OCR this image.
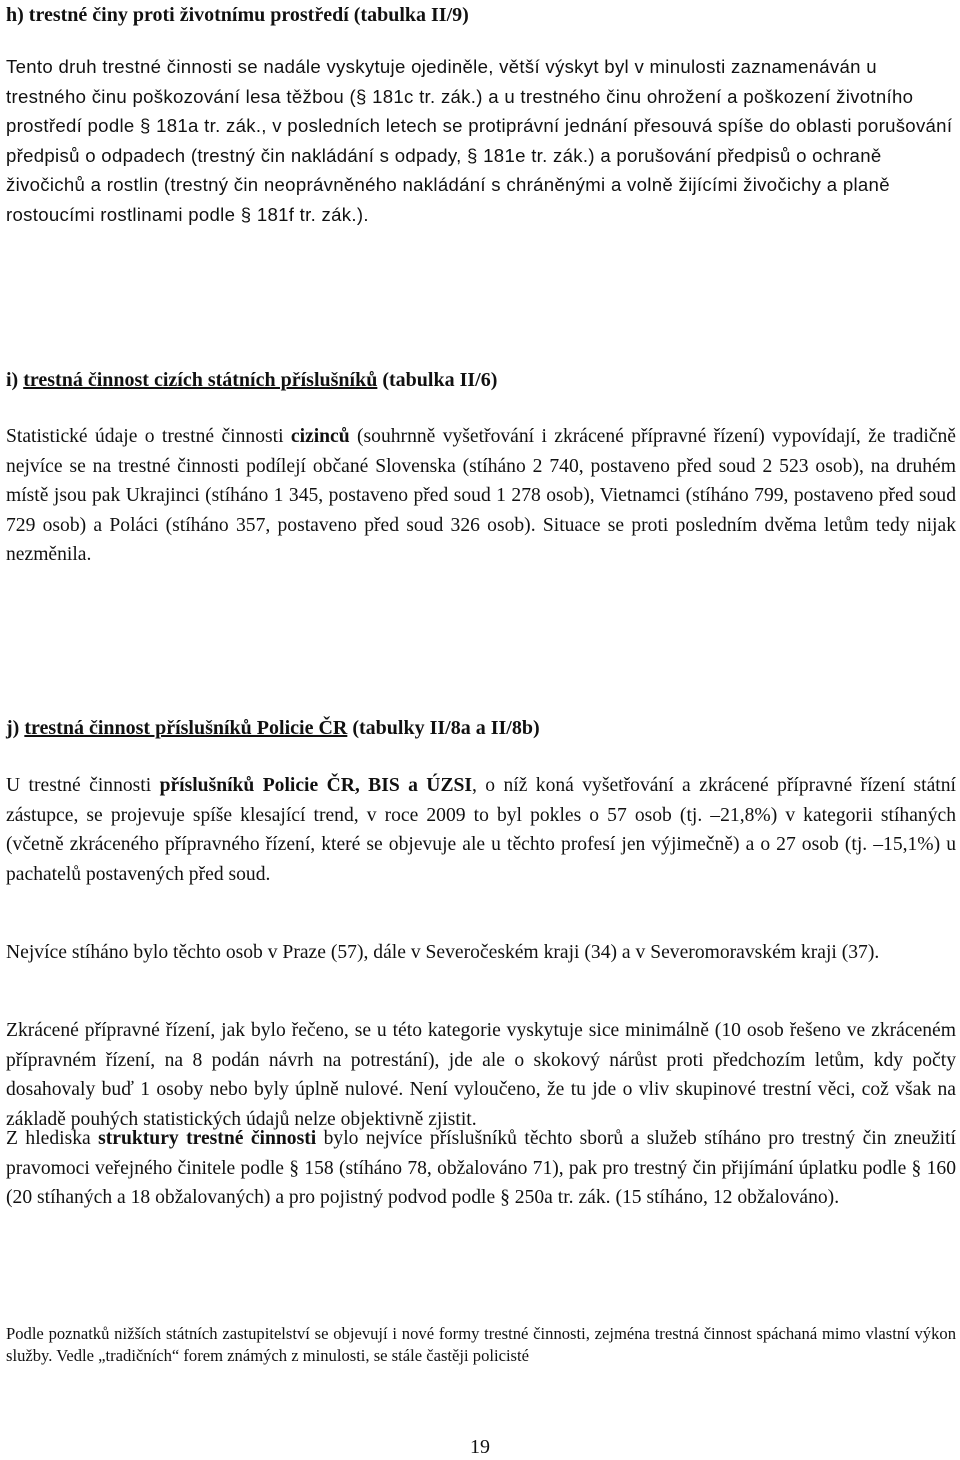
h) trestné činy proti životnímu prostředí (tabulka II/9)

Tento druh trestné činnosti se nadále vyskytuje ojediněle, větší výskyt byl v minulosti zaznamenáván u trestného činu poškozování lesa těžbou (§ 181c tr. zák.) a u trestného činu ohrožení a poškození životního prostředí podle § 181a tr. zák., v posledních letech se protiprávní jednání přesouvá spíše do oblasti porušování předpisů o odpadech (trestný čin nakládání s odpady, § 181e tr. zák.) a porušování předpisů o ochraně živočichů a rostlin (trestný čin neoprávněného nakládání s chráněnými a volně žijícími živočichy a planě rostoucími rostlinami podle § 181f tr. zák.).

i) trestná činnost cizích státních příslušníků (tabulka II/6)

Statistické údaje o trestné činnosti cizinců (souhrnně vyšetřování i zkrácené přípravné řízení) vypovídají, že tradičně nejvíce se na trestné činnosti podílejí občané Slovenska (stíháno 2 740, postaveno před soud 2 523 osob), na druhém místě jsou pak Ukrajinci (stíháno 1 345, postaveno před soud 1 278 osob), Vietnamci (stíháno 799, postaveno před soud 729 osob) a Poláci (stíháno 357, postaveno před soud 326 osob). Situace se proti posledním dvěma letům tedy nijak nezměnila.

j) trestná činnost příslušníků Policie ČR (tabulky II/8a a II/8b)

U trestné činnosti příslušníků Policie ČR, BIS a ÚZSI, o níž koná vyšetřování a zkrácené přípravné řízení státní zástupce, se projevuje spíše klesající trend, v roce 2009 to byl pokles o 57 osob (tj. –21,8%) v kategorii stíhaných (včetně zkráceného přípravného řízení, které se objevuje ale u těchto profesí jen výjimečně) a o 27 osob (tj. –15,1%) u pachatelů postavených před soud.

Nejvíce stíháno bylo těchto osob v Praze (57), dále v Severočeském kraji (34) a v Severomoravském kraji (37).

Zkrácené přípravné řízení, jak bylo řečeno, se u této kategorie vyskytuje sice minimálně (10 osob řešeno ve zkráceném přípravném řízení, na 8 podán návrh na potrestání), jde ale o skokový nárůst proti předchozím letům, kdy počty dosahovaly buď 1 osoby nebo byly úplně nulové. Není vyloučeno, že tu jde o vliv skupinové trestní věci, což však na základě pouhých statistických údajů nelze objektivně zjistit.

Z hlediska struktury trestné činnosti bylo nejvíce příslušníků těchto sborů a služeb stíháno pro trestný čin zneužití pravomoci veřejného činitele podle § 158 (stíháno 78, obžalováno 71), pak pro trestný čin přijímání úplatku podle § 160 (20 stíhaných a 18 obžalovaných) a pro pojistný podvod podle § 250a tr. zák. (15 stíháno, 12 obžalováno).

Podle poznatků nižších státních zastupitelství se objevují i nové formy trestné činnosti, zejména trestná činnost spáchaná mimo vlastní výkon služby. Vedle „tradičních“ forem známých z minulosti, se stále častěji policisté

19
